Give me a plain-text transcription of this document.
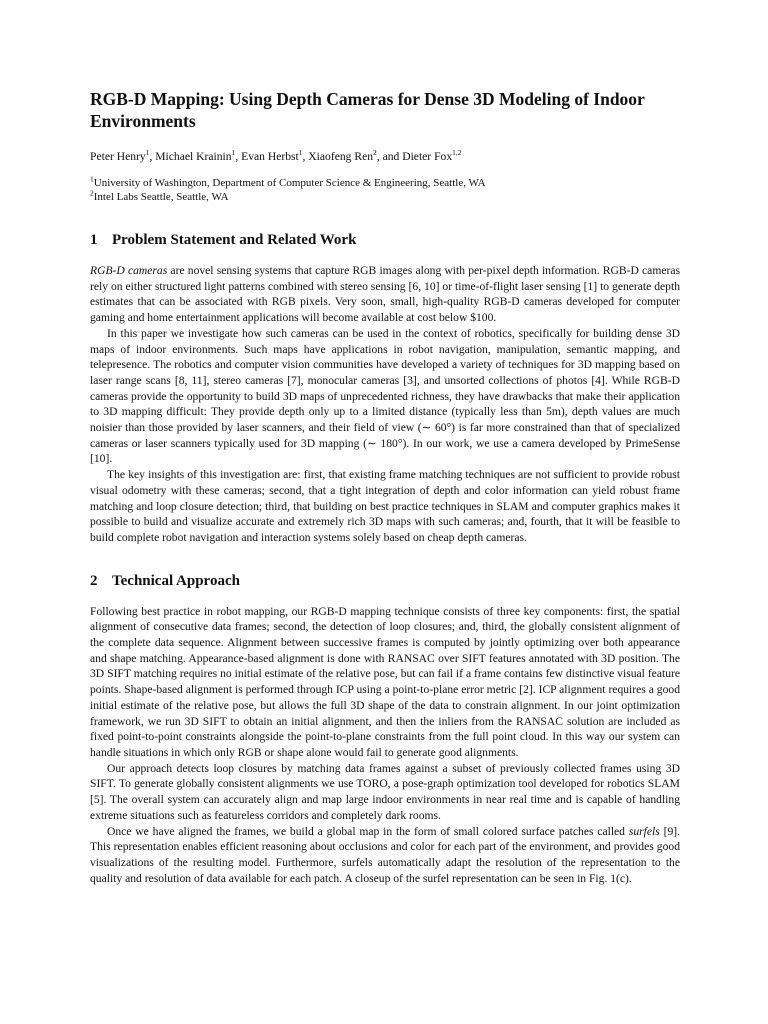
RGB-D Mapping: Using Depth Cameras for Dense 3D Modeling of Indoor Environments
Peter Henry$^1$, Michael Krainin$^1$, Evan Herbst$^1$, Xiaofeng Ren$^2$, and Dieter Fox$^{1,2}$
$^1$University of Washington, Department of Computer Science & Engineering, Seattle, WA
$^2$Intel Labs Seattle, Seattle, WA
1 Problem Statement and Related Work

RGB-D cameras are novel sensing systems that capture RGB images along with per-pixel depth information. RGB-D cameras rely on either structured light patterns combined with stereo sensing [6, 10] or time-of-flight laser sensing [1] to generate depth estimates that can be associated with RGB pixels. Very soon, small, high-quality RGB-D cameras developed for computer gaming and home entertainment applications will become available at cost below $100.

In this paper we investigate how such cameras can be used in the context of robotics, specifically for building dense 3D maps of indoor environments. Such maps have applications in robot navigation, manipulation, semantic mapping, and telepresence. The robotics and computer vision communities have developed a variety of techniques for 3D mapping based on laser range scans [8, 11], stereo cameras [7], monocular cameras [3], and unsorted collections of photos [4]. While RGB-D cameras provide the opportunity to build 3D maps of unprecedented richness, they have drawbacks that make their application to 3D mapping difficult: They provide depth only up to a limited distance (typically less than 5m), depth values are much noisier than those provided by laser scanners, and their field of view (∼ 60°) is far more constrained than that of specialized cameras or laser scanners typically used for 3D mapping (∼ 180°). In our work, we use a camera developed by PrimeSense [10].

The key insights of this investigation are: first, that existing frame matching techniques are not sufficient to provide robust visual odometry with these cameras; second, that a tight integration of depth and color information can yield robust frame matching and loop closure detection; third, that building on best practice techniques in SLAM and computer graphics makes it possible to build and visualize accurate and extremely rich 3D maps with such cameras; and, fourth, that it will be feasible to build complete robot navigation and interaction systems solely based on cheap depth cameras.

2 Technical Approach

Following best practice in robot mapping, our RGB-D mapping technique consists of three key components: first, the spatial alignment of consecutive data frames; second, the detection of loop closures; and, third, the globally consistent alignment of the complete data sequence. Alignment between successive frames is computed by jointly optimizing over both appearance and shape matching. Appearance-based alignment is done with RANSAC over SIFT features annotated with 3D position. The 3D SIFT matching requires no initial estimate of the relative pose, but can fail if a frame contains few distinctive visual feature points. Shape-based alignment is performed through ICP using a point-to-plane error metric [2]. ICP alignment requires a good initial estimate of the relative pose, but allows the full 3D shape of the data to constrain alignment. In our joint optimization framework, we run 3D SIFT to obtain an initial alignment, and then the inliers from the RANSAC solution are included as fixed point-to-point constraints alongside the point-to-plane constraints from the full point cloud. In this way our system can handle situations in which only RGB or shape alone would fail to generate good alignments.

Our approach detects loop closures by matching data frames against a subset of previously collected frames using 3D SIFT. To generate globally consistent alignments we use TORO, a pose-graph optimization tool developed for robotics SLAM [5]. The overall system can accurately align and map large indoor environments in near real time and is capable of handling extreme situations such as featureless corridors and completely dark rooms.

Once we have aligned the frames, we build a global map in the form of small colored surface patches called surfels [9]. This representation enables efficient reasoning about occlusions and color for each part of the environment, and provides good visualizations of the resulting model. Furthermore, surfels automatically adapt the resolution of the representation to the quality and resolution of data available for each patch. A closeup of the surfel representation can be seen in Fig. 1(c).
